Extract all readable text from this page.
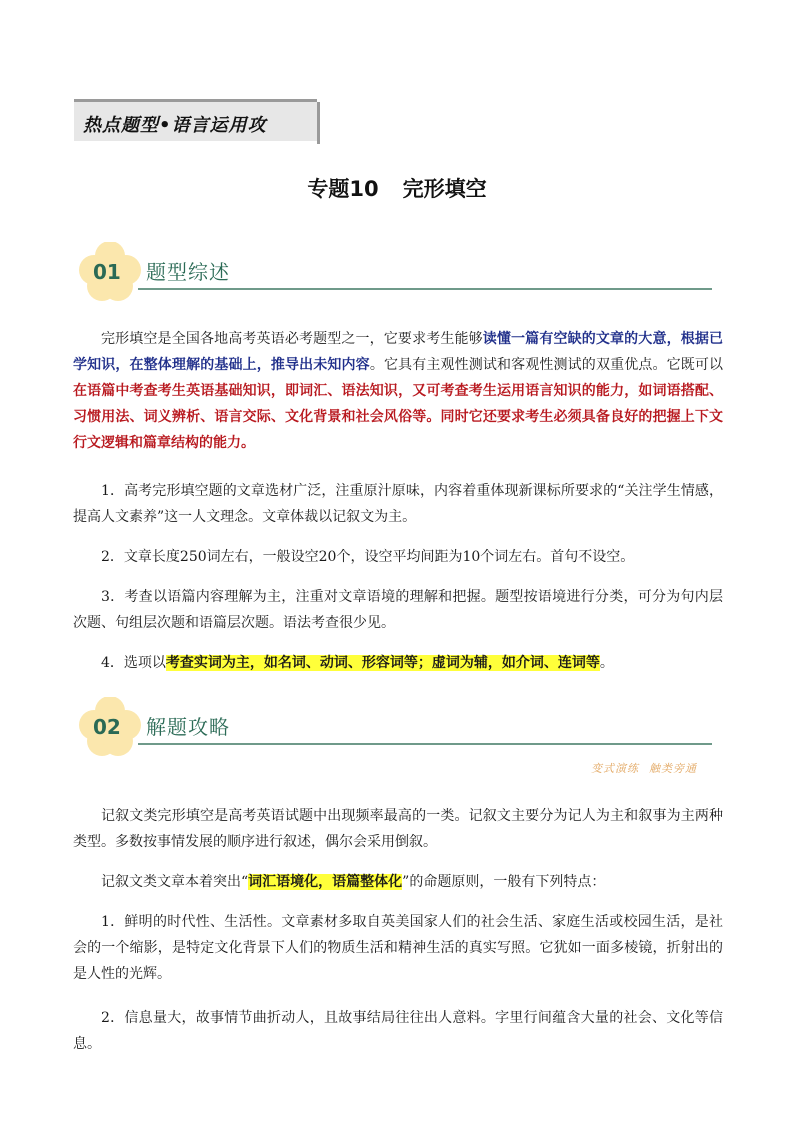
热点题型•语言运用攻
专题10 完形填空
01 题型综述

完形填空是全国各地高考英语必考题型之一，它要求考生能够读懂一篇有空缺的文章的大意，根据已学知识，在整体理解的基础上，推导出未知内容。它具有主观性测试和客观性测试的双重优点。它既可以在语篇中考查考生英语基础知识，即词汇、语法知识，又可考查考生运用语言知识的能力，如词语搭配、习惯用法、词义辨析、语言交际、文化背景和社会风俗等。同时它还要求考生必须具备良好的把握上下文行文逻辑和篇章结构的能力。

1．高考完形填空题的文章选材广泛，注重原汁原味，内容着重体现新课标所要求的“关注学生情感，提高人文素养”这一人文理念。文章体裁以记叙文为主。

2．文章长度250词左右，一般设空20个，设空平均间距为10个词左右。首句不设空。

3．考查以语篇内容理解为主，注重对文章语境的理解和把握。题型按语境进行分类，可分为句内层次题、句组层次题和语篇层次题。语法考查很少见。

4．选项以考查实词为主，如名词、动词、形容词等；虚词为辅，如介词、连词等。

02 解题攻略
变式演练 触类旁通

记叙文类完形填空是高考英语试题中出现频率最高的一类。记叙文主要分为记人为主和叙事为主两种类型。多数按事情发展的顺序进行叙述，偶尔会采用倒叙。

记叙文类文章本着突出“词汇语境化，语篇整体化”的命题原则，一般有下列特点：

1．鲜明的时代性、生活性。文章素材多取自英美国家人们的社会生活、家庭生活或校园生活，是社会的一个缩影，是特定文化背景下人们的物质生活和精神生活的真实写照。它犹如一面多棱镜，折射出的是人性的光辉。

2．信息量大，故事情节曲折动人，且故事结局往往出人意料。字里行间蕴含大量的社会、文化等信息。
